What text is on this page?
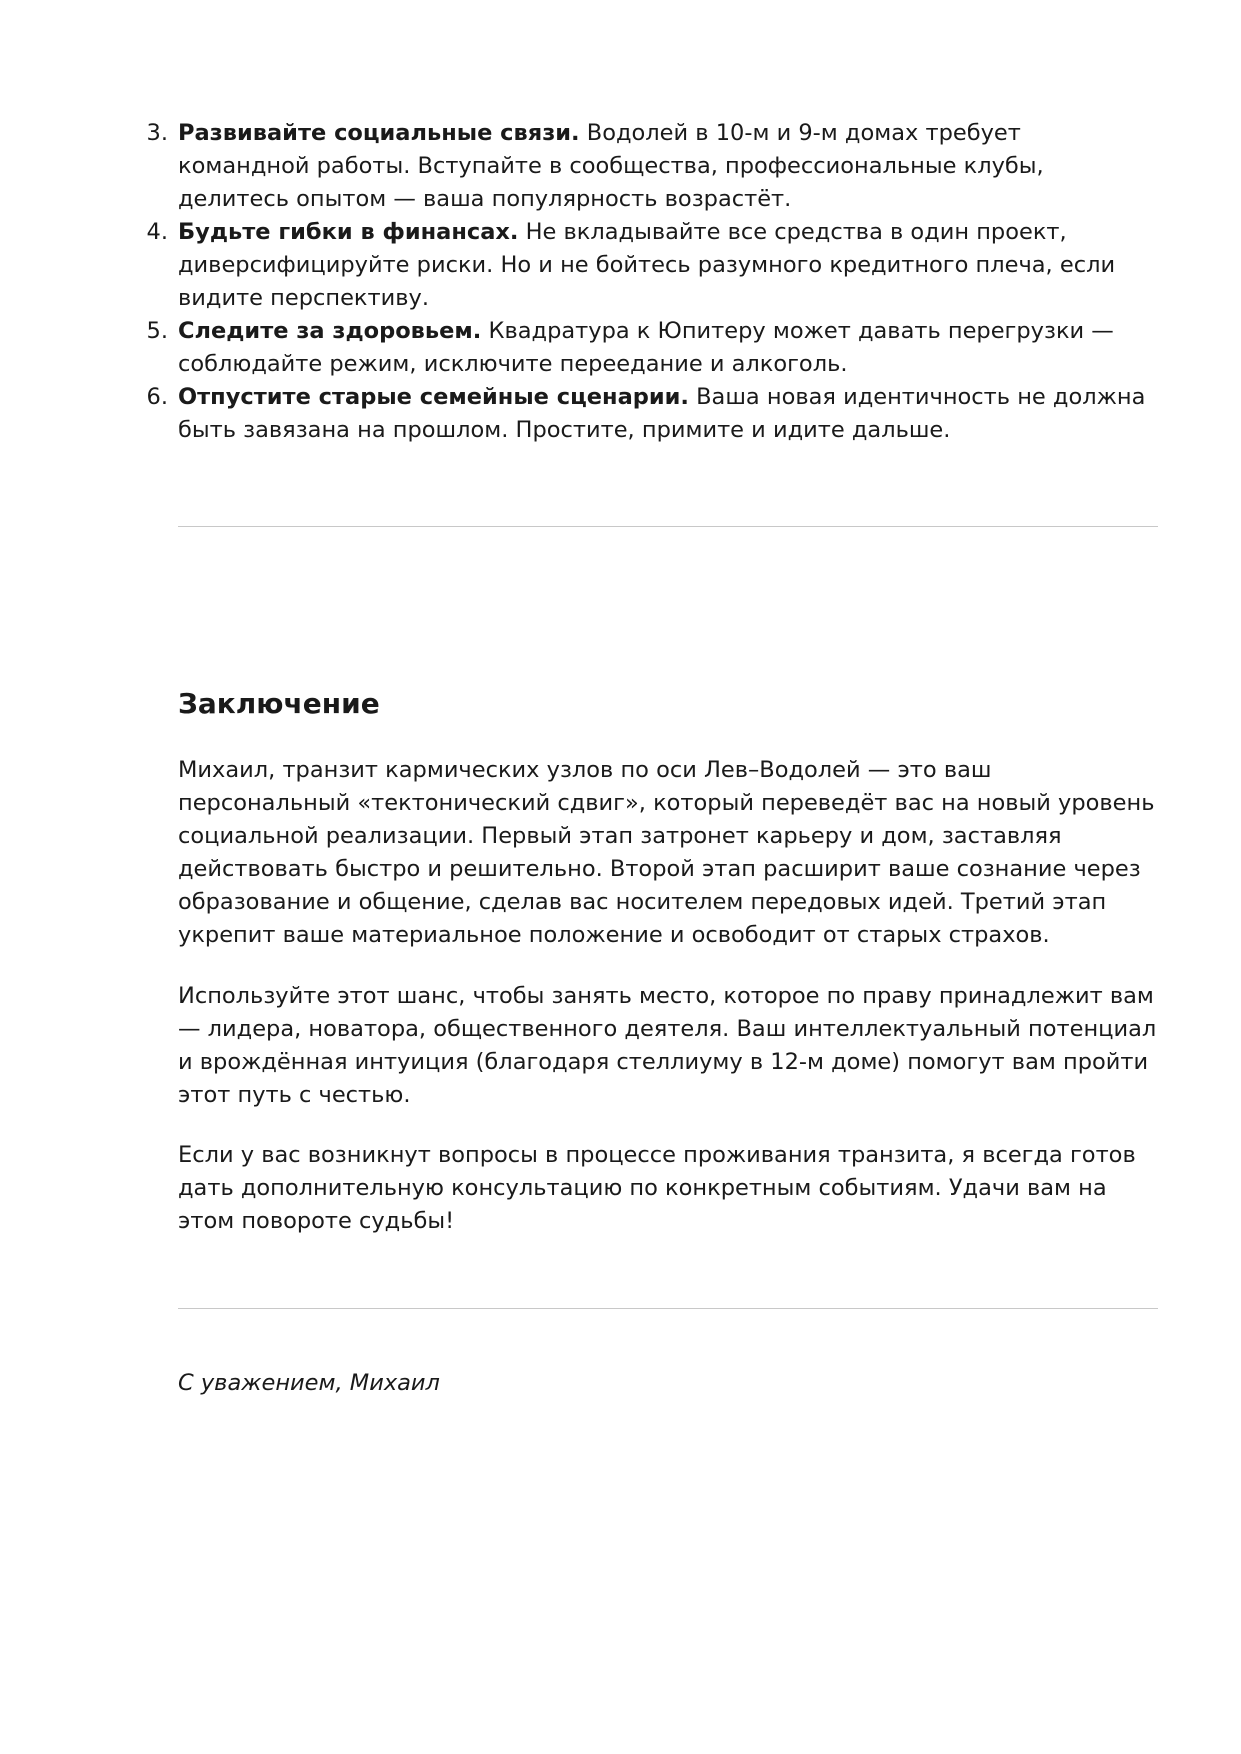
3. Развивайте социальные связи. Водолей в 10-м и 9-м домах требует командной работы. Вступайте в сообщества, профессиональные клубы, делитесь опытом — ваша популярность возрастёт.
4. Будьте гибки в финансах. Не вкладывайте все средства в один проект, диверсифицируйте риски. Но и не бойтесь разумного кредитного плеча, если видите перспективу.
5. Следите за здоровьем. Квадратура к Юпитеру может давать перегрузки — соблюдайте режим, исключите переедание и алкоголь.
6. Отпустите старые семейные сценарии. Ваша новая идентичность не должна быть завязана на прошлом. Простите, примите и идите дальше.
Заключение

Михаил, транзит кармических узлов по оси Лев–Водолей — это ваш персональный «тектонический сдвиг», который переведёт вас на новый уровень социальной реализации. Первый этап затронет карьеру и дом, заставляя действовать быстро и решительно. Второй этап расширит ваше сознание через образование и общение, сделав вас носителем передовых идей. Третий этап укрепит ваше материальное положение и освободит от старых страхов.

Используйте этот шанс, чтобы занять место, которое по праву принадлежит вам — лидера, новатора, общественного деятеля. Ваш интеллектуальный потенциал и врождённая интуиция (благодаря стеллиуму в 12-м доме) помогут вам пройти этот путь с честью.

Если у вас возникнут вопросы в процессе проживания транзита, я всегда готов дать дополнительную консультацию по конкретным событиям. Удачи вам на этом повороте судьбы!

С уважением, Михаил
